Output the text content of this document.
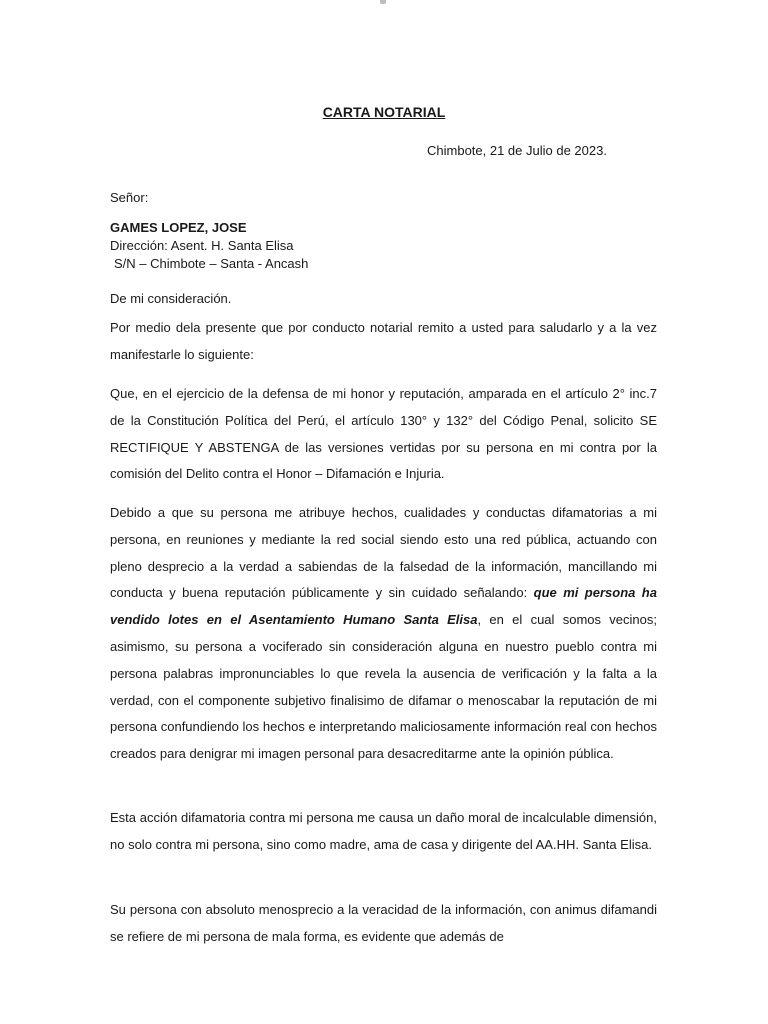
CARTA NOTARIAL
Chimbote, 21 de Julio de 2023.
Señor:
GAMES LOPEZ, JOSE
Dirección: Asent. H. Santa Elisa
S/N – Chimbote – Santa - Ancash
De mi consideración.

Por medio dela presente que por conducto notarial remito a usted para saludarlo y a la vez manifestarle lo siguiente:

Que, en el ejercicio de la defensa de mi honor y reputación, amparada en el artículo 2° inc.7 de la Constitución Política del Perú, el artículo 130° y 132° del Código Penal, solicito SE RECTIFIQUE Y ABSTENGA de las versiones vertidas por su persona en mi contra por la comisión del Delito contra el Honor – Difamación e Injuria.

Debido a que su persona me atribuye hechos, cualidades y conductas difamatorias a mi persona, en reuniones y mediante la red social siendo esto una red pública, actuando con pleno desprecio a la verdad a sabiendas de la falsedad de la información, mancillando mi conducta y buena reputación públicamente y sin cuidado señalando: que mi persona ha vendido lotes en el Asentamiento Humano Santa Elisa, en el cual somos vecinos; asimismo, su persona a vociferado sin consideración alguna en nuestro pueblo contra mi persona palabras impronunciables lo que revela la ausencia de verificación y la falta a la verdad, con el componente subjetivo finalisimo de difamar o menoscabar la reputación de mi persona confundiendo los hechos e interpretando maliciosamente información real con hechos creados para denigrar mi imagen personal para desacreditarme ante la opinión pública.

Esta acción difamatoria contra mi persona me causa un daño moral de incalculable dimensión, no solo contra mi persona, sino como madre, ama de casa y dirigente del AA.HH. Santa Elisa.

Su persona con absoluto menosprecio a la veracidad de la información, con animus difamandi se refiere de mi persona de mala forma, es evidente que además de
